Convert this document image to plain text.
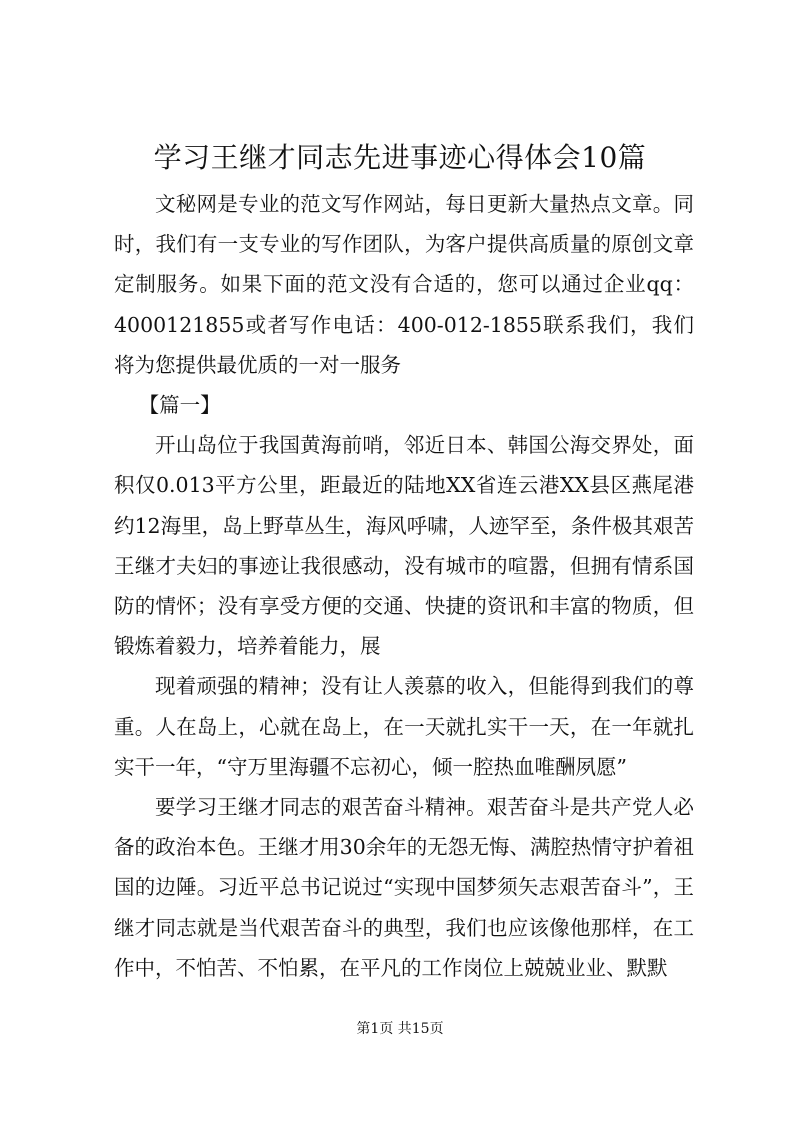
学习王继才同志先进事迹心得体会10篇

文秘网是专业的范文写作网站，每日更新大量热点文章。同时，我们有一支专业的写作团队，为客户提供高质量的原创文章定制服务。如果下面的范文没有合适的，您可以通过企业qq：4000121855或者写作电话：400-012-1855联系我们，我们将为您提供最优质的一对一服务

【篇一】

开山岛位于我国黄海前哨，邻近日本、韩国公海交界处，面积仅0.013平方公里，距最近的陆地XX省连云港XX县区燕尾港约12海里，岛上野草丛生，海风呼啸，人迹罕至，条件极其艰苦王继才夫妇的事迹让我很感动，没有城市的喧嚣，但拥有情系国防的情怀；没有享受方便的交通、快捷的资讯和丰富的物质，但锻炼着毅力，培养着能力，展

现着顽强的精神；没有让人羡慕的收入，但能得到我们的尊重。人在岛上，心就在岛上，在一天就扎实干一天，在一年就扎实干一年，“守万里海疆不忘初心，倾一腔热血唯酬夙愿”

要学习王继才同志的艰苦奋斗精神。艰苦奋斗是共产党人必备的政治本色。王继才用30余年的无怨无悔、满腔热情守护着祖国的边陲。习近平总书记说过“实现中国梦须矢志艰苦奋斗”，王继才同志就是当代艰苦奋斗的典型，我们也应该像他那样，在工作中，不怕苦、不怕累，在平凡的工作岗位上兢兢业业、默默

第1页 共15页
